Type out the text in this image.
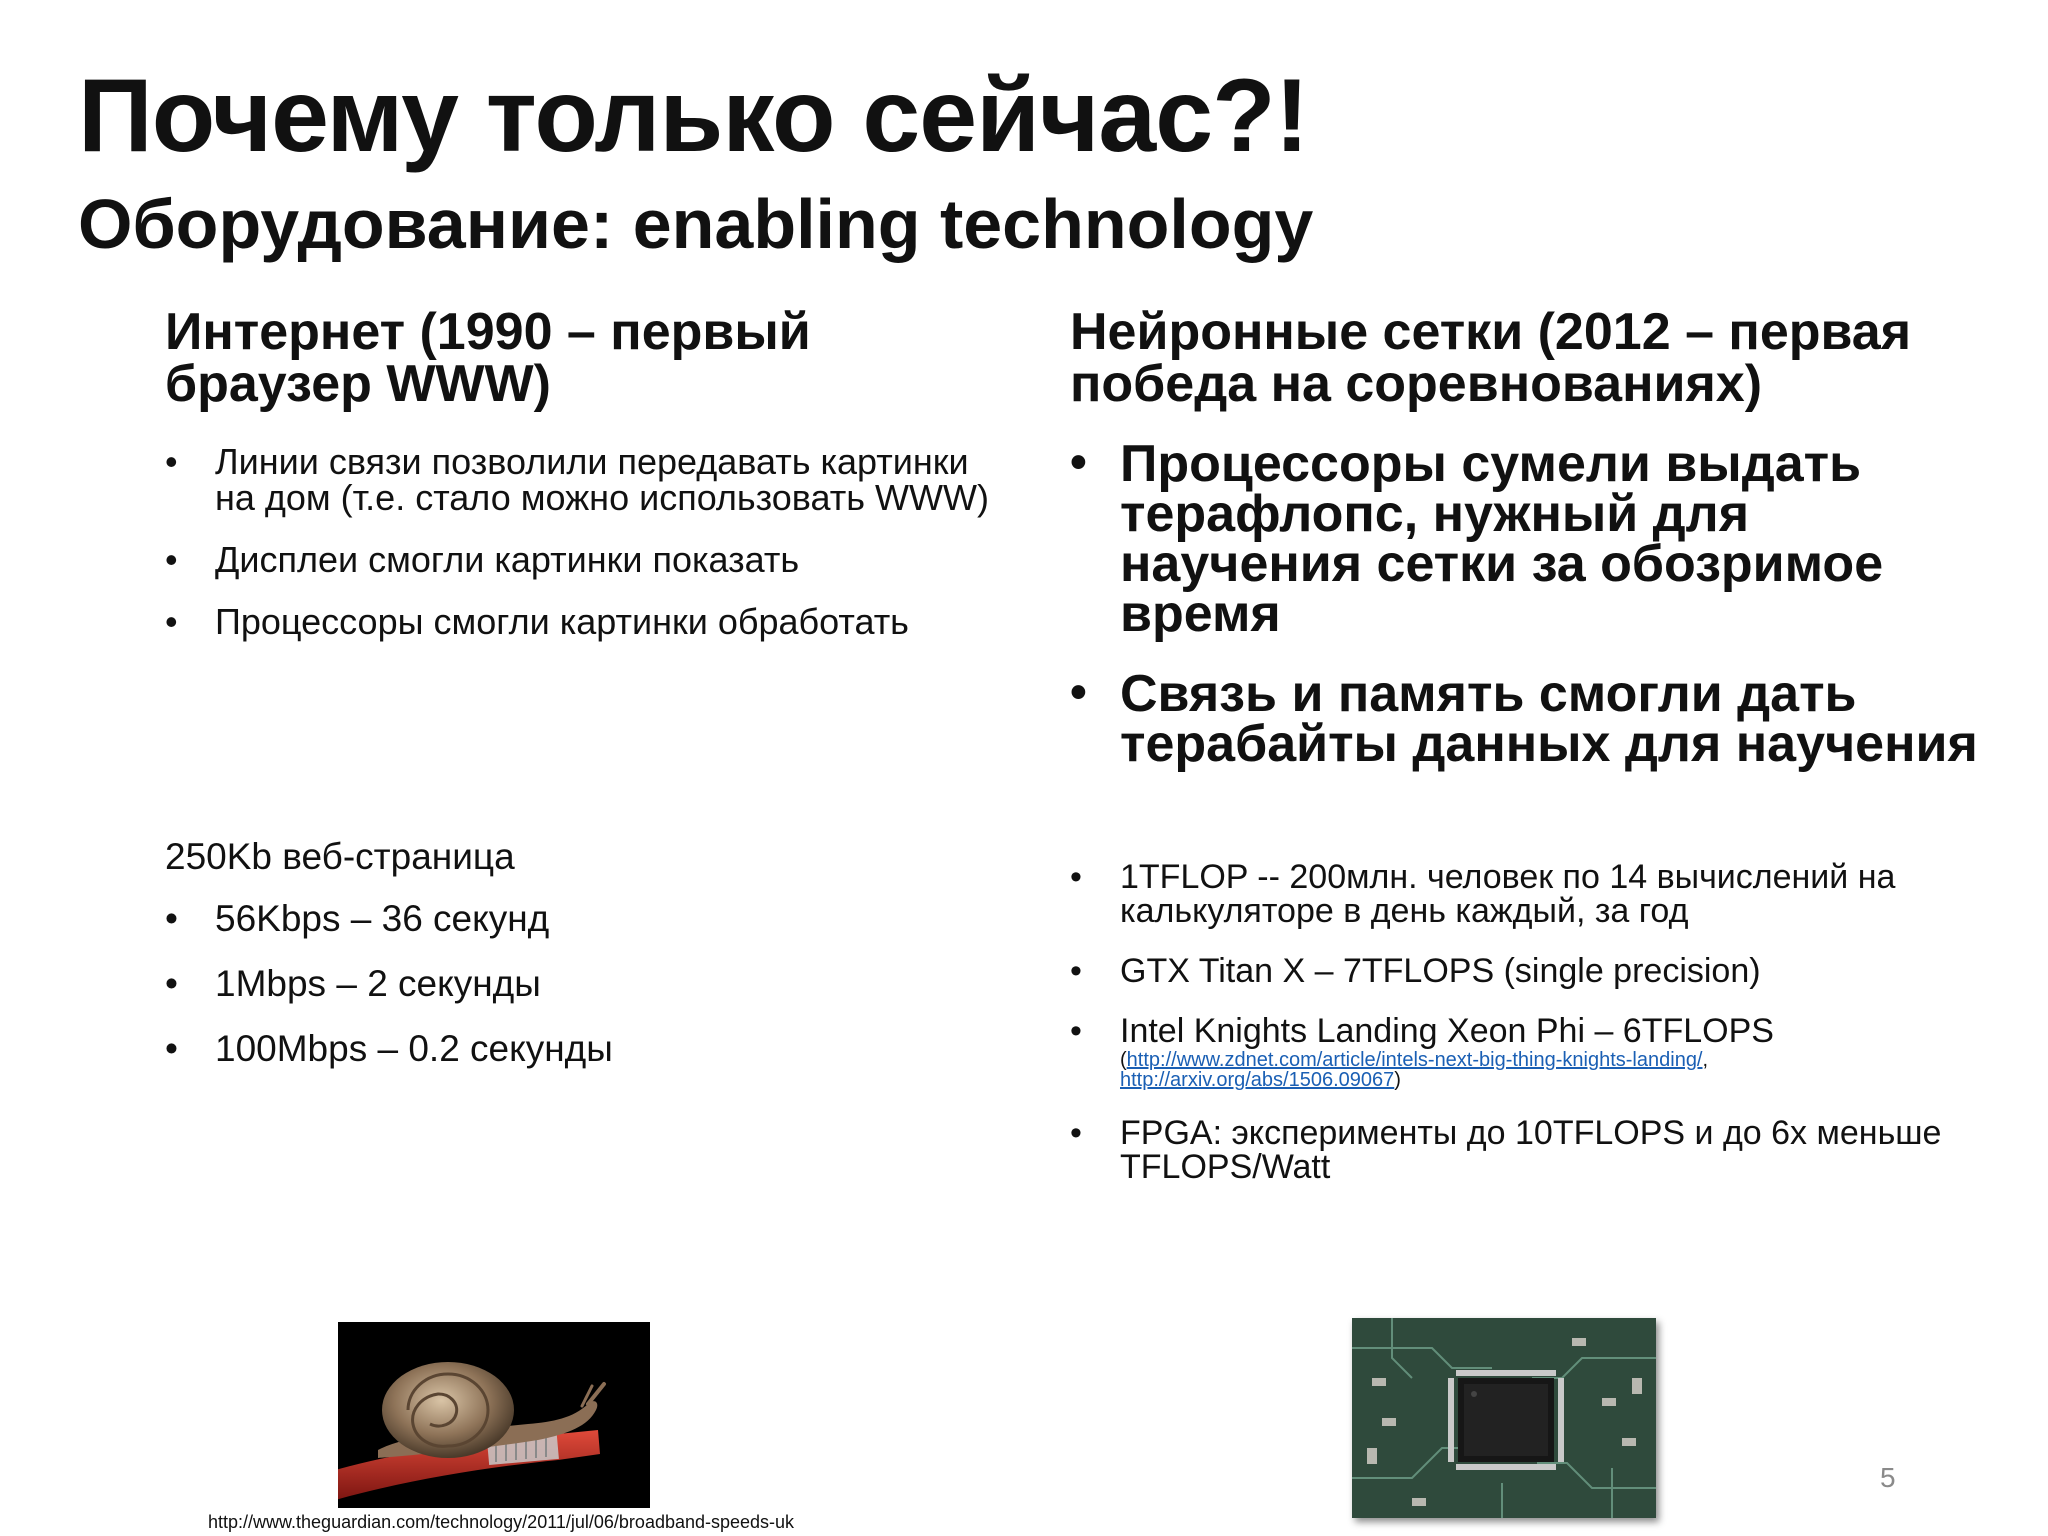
Почему только сейчас?!
Оборудование: enabling technology
Интернет (1990 – первый
браузер WWW)
Нейронные сетки (2012 – первая
победа на соревнованиях)
• Линии связи позволили передавать картинки на дом (т.е. стало можно использовать WWW)
• Дисплеи смогли картинки показать
• Процессоры смогли картинки обработать
• Процессоры сумели выдать терафлопс, нужный для научения сетки за обозримое время
• Связь и память смогли дать терабайты данных для научения
250Kb веб-страница
• 56Kbps – 36 секунд
• 1Mbps – 2 секунды
• 100Mbps – 0.2 секунды
• 1TFLOP -- 200млн. человек по 14 вычислений на калькуляторе в день каждый, за год
• GTX Titan X – 7TFLOPS (single precision)
• Intel Knights Landing Xeon Phi – 6TFLOPS
(http://www.zdnet.com/article/intels-next-big-thing-knights-landing/,
http://arxiv.org/abs/1506.09067)
• FPGA: эксперименты до 10TFLOPS и до 6x меньше TFLOPS/Watt
http://www.theguardian.com/technology/2011/jul/06/broadband-speeds-uk
5
